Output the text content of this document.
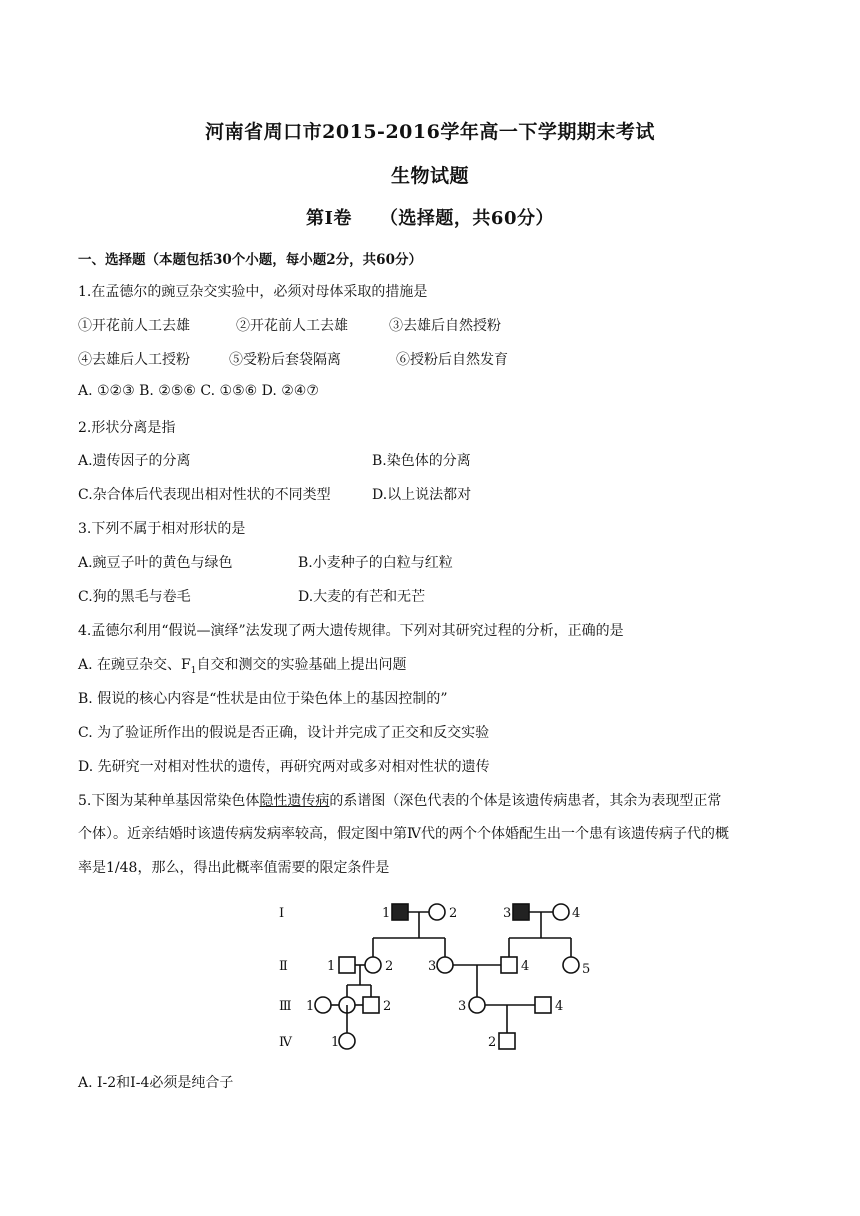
河南省周口市2015-2016学年高一下学期期末考试
生物试题
第Ⅰ卷　　（选择题，共60分）
一、选择题（本题包括30个小题，每小题2分，共60分）
1.在孟德尔的豌豆杂交实验中，必须对母体采取的措施是
①开花前人工去雄	②开花前人工去雄	③去雄后自然授粉
④去雄后人工授粉	⑤受粉后套袋隔离	⑥授粉后自然发育
A. ①②③ B. ②⑤⑥ C. ①⑤⑥ D. ②④⑦
2.形状分离是指
A.遗传因子的分离	B.染色体的分离
C.杂合体后代表现出相对性状的不同类型	D.以上说法都对
3.下列不属于相对形状的是
A.豌豆子叶的黄色与绿色	B.小麦种子的白粒与红粒
C.狗的黑毛与卷毛	D.大麦的有芒和无芒
4.孟德尔利用“假说—演绎”法发现了两大遗传规律。下列对其研究过程的分析，正确的是
A. 在豌豆杂交、$F_1$自交和测交的实验基础上提出问题
B. 假说的核心内容是“性状是由位于染色体上的基因控制的”
C. 为了验证所作出的假说是否正确，设计并完成了正交和反交实验
D. 先研究一对相对性状的遗传，再研究两对或多对相对性状的遗传
5.下图为某种单基因常染色体隐性遗传病的系谱图（深色代表的个体是该遗传病患者，其余为表现型正常
个体）。近亲结婚时该遗传病发病率较高，假定图中第Ⅳ代的两个个体婚配生出一个患有该遗传病子代的概
率是1/48，那么，得出此概率值需要的限定条件是
Ⅰ
Ⅱ
Ⅲ
Ⅳ
1	2	3	4
1	2	3	4	5
1	2	3	4
1	2
A. Ⅰ-2和Ⅰ-4必须是纯合子
